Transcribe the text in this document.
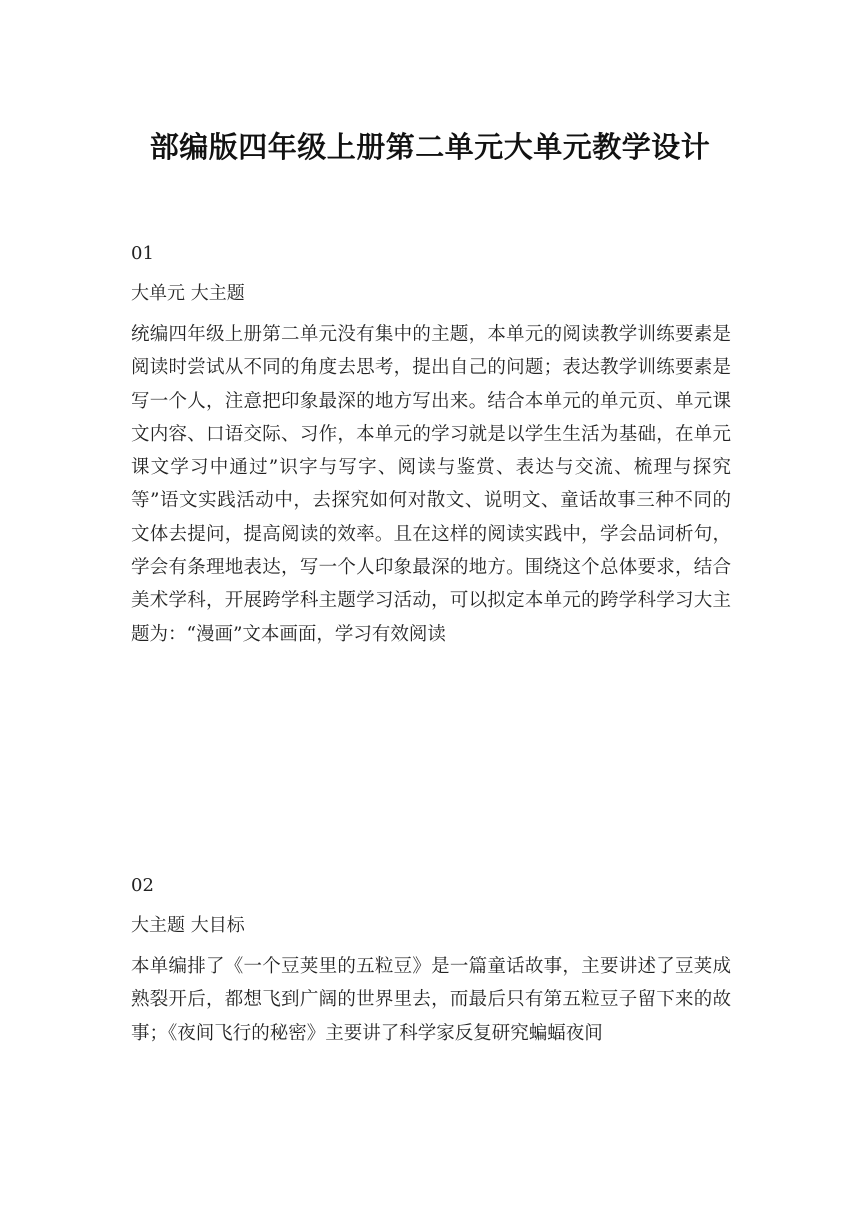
部编版四年级上册第二单元大单元教学设计
01
大单元 大主题

统编四年级上册第二单元没有集中的主题，本单元的阅读教学训练要素是阅读时尝试从不同的角度去思考，提出自己的问题；表达教学训练要素是写一个人，注意把印象最深的地方写出来。结合本单元的单元页、单元课文内容、口语交际、习作，本单元的学习就是以学生生活为基础，在单元课文学习中通过”识字与写字、阅读与鉴赏、表达与交流、梳理与探究等”语文实践活动中，去探究如何对散文、说明文、童话故事三种不同的文体去提问，提高阅读的效率。且在这样的阅读实践中，学会品词析句，学会有条理地表达，写一个人印象最深的地方。围绕这个总体要求，结合美术学科，开展跨学科主题学习活动，可以拟定本单元的跨学科学习大主题为：“漫画”文本画面，学习有效阅读

02
大主题 大目标

本单编排了《一个豆荚里的五粒豆》是一篇童话故事，主要讲述了豆荚成熟裂开后，都想飞到广阔的世界里去，而最后只有第五粒豆子留下来的故事；《夜间飞行的秘密》主要讲了科学家反复研究蝙蝠夜间
